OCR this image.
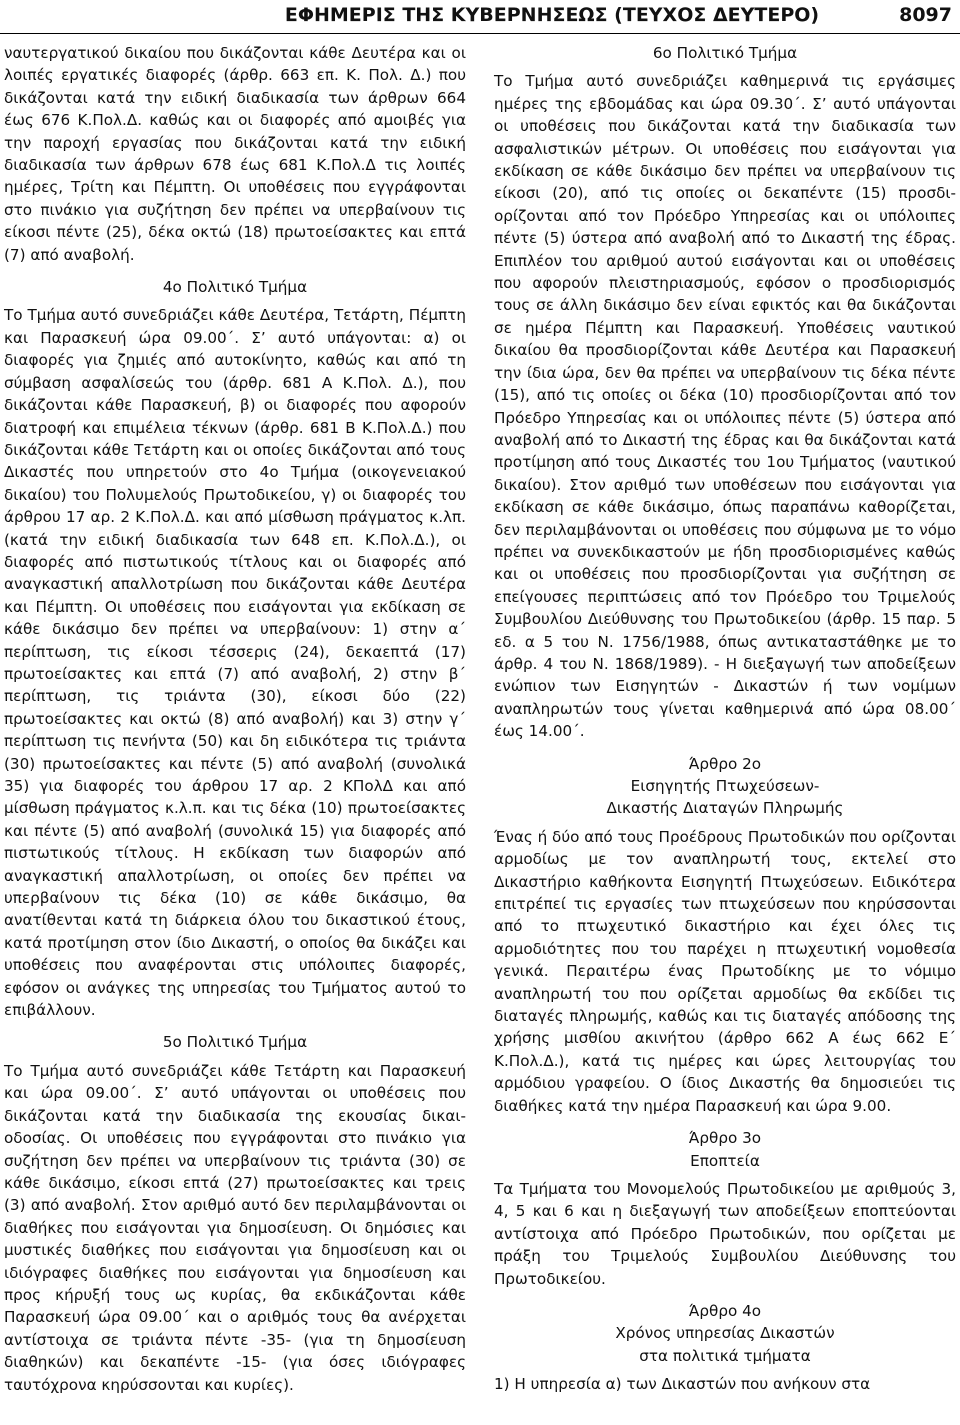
ΕΦΗΜΕΡΙΣ ΤΗΣ ΚΥΒΕΡΝΗΣΕΩΣ (ΤΕΥΧΟΣ ΔΕΥΤΕΡΟ)	8097

ναυτεργατικού δικαίου που δικάζονται κάθε Δευτέρα και οι λοιπές εργατικές διαφορές (άρθρ. 663 επ. Κ. Πολ. Δ.) που δικάζονται κατά την ειδική διαδικασία των άρθρων 664 έως 676 Κ.Πολ.Δ. καθώς και οι διαφορές από αμοιβές για την παροχή εργασίας που δικάζονται κατά την ειδική διαδικασία των άρθρων 678 έως 681 Κ.Πολ.Δ τις λοιπές ημέρες, Τρίτη και Πέμπτη. Οι υποθέσεις που εγγράφονται στο πινάκιο για συζήτηση δεν πρέπει να υπερβαίνουν τις είκοσι πέντε (25), δέκα οκτώ (18) πρωτοείσακτες και επτά (7) από αναβολή.

4ο Πολιτικό Τμήμα

Το Τμήμα αυτό συνεδριάζει κάθε Δευτέρα, Τετάρτη, Πέμπτη και Παρασκευή ώρα 09.00΄. Σ’ αυτό υπάγονται: α) οι διαφορές για ζημιές από αυτοκίνητο, καθώς και από τη σύμβαση ασφαλίσεώς του (άρθρ. 681 Α Κ.Πολ. Δ.), που δικάζονται κάθε Παρασκευή, β) οι διαφορές που αφορούν διατροφή και επιμέλεια τέκνων (άρθρ. 681 Β Κ.Πολ.Δ.) που δικάζονται κάθε Τετάρτη και οι οποίες δικάζονται από τους Δικαστές που υπηρετούν στο 4ο Τμήμα (οικογενειακού δικαίου) του Πολυμελούς Πρωτοδικείου, γ) οι διαφορές του άρθρου 17 αρ. 2 Κ.Πολ.Δ. και από μίσθωση πράγματος κ.λπ. (κατά την ειδική διαδικασία των 648 επ. Κ.Πολ.Δ.), οι διαφορές από πιστωτικούς τίτλους και οι διαφορές από αναγκαστική απαλλοτρίωση που δικάζονται κάθε Δευτέρα και Πέμπτη. Οι υποθέσεις που εισάγονται για εκδίκαση σε κάθε δικάσιμο δεν πρέπει να υπερβαίνουν: 1) στην α΄ περίπτωση, τις είκοσι τέσσερις (24), δεκαεπτά (17) πρωτοείσακτες και επτά (7) από αναβολή, 2) στην β΄ περίπτωση, τις τριάντα (30), είκοσι δύο (22) πρωτοείσακτες και οκτώ (8) από αναβολή) και 3) στην γ΄ περίπτωση τις πενήντα (50) και δη ειδικότερα τις τριάντα (30) πρωτοείσακτες και πέντε (5) από αναβολή (συνολικά 35) για διαφορές του άρθρου 17 αρ. 2 ΚΠολΔ και από μίσθωση πράγματος κ.λ.π. και τις δέκα (10) πρωτοείσακτες και πέντε (5) από αναβολή (συνολικά 15) για διαφορές από πιστωτικούς τίτλους. Η εκδίκαση των διαφορών από αναγκαστική απαλλοτρίωση, οι οποίες δεν πρέπει να υπερβαίνουν τις δέκα (10) σε κάθε δικάσιμο, θα ανατίθενται κατά τη διάρκεια όλου του δικαστικού έτους, κατά προτίμηση στον ίδιο Δικαστή, ο οποίος θα δικάζει και υποθέσεις που αναφέρονται στις υπόλοιπες διαφορές, εφόσον οι ανάγκες της υπηρεσίας του Τμήματος αυτού το επιβάλλουν.

5ο Πολιτικό Τμήμα

Το Τμήμα αυτό συνεδριάζει κάθε Τετάρτη και Παρασκευή και ώρα 09.00΄. Σ’ αυτό υπάγονται οι υποθέσεις που δικάζονται κατά την διαδικασία της εκουσίας δικαιοδοσίας. Οι υποθέσεις που εγγράφονται στο πινάκιο για συζήτηση δεν πρέπει να υπερβαίνουν τις τριάντα (30) σε κάθε δικάσιμο, είκοσι επτά (27) πρωτοείσακτες και τρεις (3) από αναβολή. Στον αριθμό αυτό δεν περιλαμβάνονται οι διαθήκες που εισάγονται για δημοσίευση. Οι δημόσιες και μυστικές διαθήκες που εισάγονται για δημοσίευση και οι ιδιόγραφες διαθήκες που εισάγονται για δημοσίευση και προς κήρυξή τους ως κυρίας, θα εκδικάζονται κάθε Παρασκευή ώρα 09.00΄ και ο αριθμός τους θα ανέρχεται αντίστοιχα σε τριάντα πέντε -35- (για τη δημοσίευση διαθηκών) και δεκαπέντε -15- (για όσες ιδιόγραφες ταυτόχρονα κηρύσσονται και κυρίες).

6ο Πολιτικό Τμήμα

Το Τμήμα αυτό συνεδριάζει καθημερινά τις εργάσιμες ημέρες της εβδομάδας και ώρα 09.30΄. Σ’ αυτό υπάγονται οι υποθέσεις που δικάζονται κατά την διαδικασία των ασφαλιστικών μέτρων. Οι υποθέσεις που εισάγονται για εκδίκαση σε κάθε δικάσιμο δεν πρέπει να υπερβαίνουν τις είκοσι (20), από τις οποίες οι δεκαπέντε (15) προσδιορίζονται από τον Πρόεδρο Υπηρεσίας και οι υπόλοιπες πέντε (5) ύστερα από αναβολή από το Δικαστή της έδρας. Επιπλέον του αριθμού αυτού εισάγονται και οι υποθέσεις που αφορούν πλειστηριασμούς, εφόσον ο προσδιορισμός τους σε άλλη δικάσιμο δεν είναι εφικτός και θα δικάζονται σε ημέρα Πέμπτη και Παρασκευή. Υποθέσεις ναυτικού δικαίου θα προσδιορίζονται κάθε Δευτέρα και Παρασκευή την ίδια ώρα, δεν θα πρέπει να υπερβαίνουν τις δέκα πέντε (15), από τις οποίες οι δέκα (10) προσδιορίζονται από τον Πρόεδρο Υπηρεσίας και οι υπόλοιπες πέντε (5) ύστερα από αναβολή από το Δικαστή της έδρας και θα δικάζονται κατά προτίμηση από τους Δικαστές του 1ου Τμήματος (ναυτικού δικαίου). Στον αριθμό των υποθέσεων που εισάγονται για εκδίκαση σε κάθε δικάσιμο, όπως παραπάνω καθορίζεται, δεν περιλαμβάνονται οι υποθέσεις που σύμφωνα με το νόμο πρέπει να συνεκδικαστούν με ήδη προσδιορισμένες καθώς και οι υποθέσεις που προσδιορίζονται για συζήτηση σε επείγουσες περιπτώσεις από τον Πρόεδρο του Τριμελούς Συμβουλίου Διεύθυνσης του Πρωτοδικείου (άρθρ. 15 παρ. 5 εδ. α 5 του Ν. 1756/1988, όπως αντικαταστάθηκε με το άρθρ. 4 του Ν. 1868/1989). - Η διεξαγωγή των αποδείξεων ενώπιον των Εισηγητών - Δικαστών ή των νομίμων αναπληρωτών τους γίνεται καθημερινά από ώρα 08.00΄ έως 14.00΄.

Άρθρο 2ο
Εισηγητής Πτωχεύσεων-
Δικαστής Διαταγών Πληρωμής

Ένας ή δύο από τους Προέδρους Πρωτοδικών που ορίζονται αρμοδίως με τον αναπληρωτή τους, εκτελεί στο Δικαστήριο καθήκοντα Εισηγητή Πτωχεύσεων. Ειδικότερα επιτρέπεί τις εργασίες των πτωχεύσεων που κηρύσσονται από το πτωχευτικό δικαστήριο και έχει όλες τις αρμοδιότητες που του παρέχει η πτωχευτική νομοθεσία γενικά. Περαιτέρω ένας Πρωτοδίκης με το νόμιμο αναπληρωτή του που ορίζεται αρμοδίως θα εκδίδει τις διαταγές πληρωμής, καθώς και τις διαταγές απόδοσης της χρήσης μισθίου ακινήτου (άρθρο 662 Α έως 662 Ε΄ Κ.Πολ.Δ.), κατά τις ημέρες και ώρες λειτουργίας του αρμόδιου γραφείου. Ο ίδιος Δικαστής θα δημοσιεύει τις διαθήκες κατά την ημέρα Παρασκευή και ώρα 9.00.

Άρθρο 3ο
Εποπτεία

Τα Τμήματα του Μονομελούς Πρωτοδικείου με αριθμούς 3, 4, 5 και 6 και η διεξαγωγή των αποδείξεων εποπτεύονται αντίστοιχα από Πρόεδρο Πρωτοδικών, που ορίζεται με πράξη του Τριμελούς Συμβουλίου Διεύθυνσης του Πρωτοδικείου.

Άρθρο 4ο
Χρόνος υπηρεσίας Δικαστών
στα πολιτικά τμήματα

1) Η υπηρεσία α) των Δικαστών που ανήκουν στα
